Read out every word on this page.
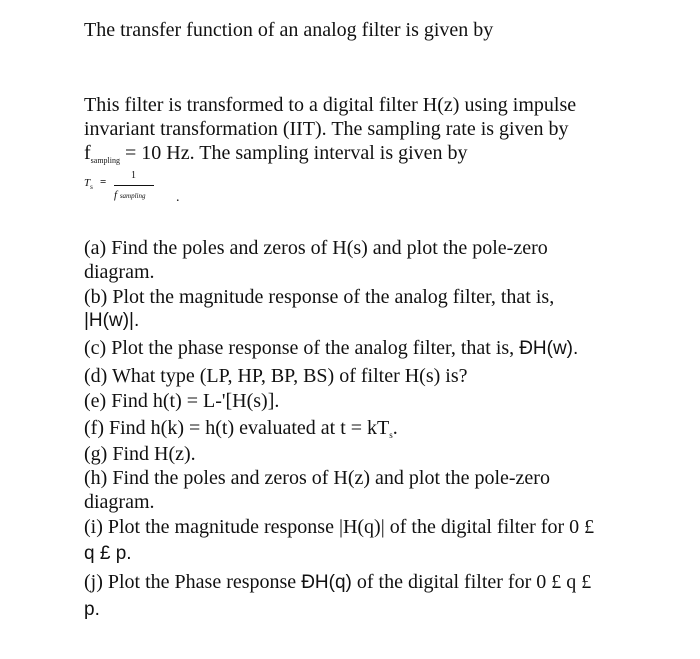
The transfer function of an analog filter is given by

This filter is transformed to a digital filter H(z) using impulse

invariant transformation (IIT). The sampling rate is given by

$f_{sampling} = 10$ Hz. The sampling interval is given by

$T_s$ =
1
f sampling .

(a) Find the poles and zeros of H(s) and plot the pole-zero

diagram.

(b) Plot the magnitude response of the analog filter, that is,

|H(w)|.

(c) Plot the phase response of the analog filter, that is, ÐH(w).

(d) What type (LP, HP, BP, BS) of filter H(s) is?

(e) Find h(t) = L-'[H(s)].

(f) Find h(k) = h(t) evaluated at $t = kT_s$.

(g) Find H(z).

(h) Find the poles and zeros of H(z) and plot the pole-zero

diagram.

(i) Plot the magnitude response |H(q)| of the digital filter for 0 £

q £ p.

(j) Plot the Phase response ÐH(q) of the digital filter for 0 £ q £

p.
